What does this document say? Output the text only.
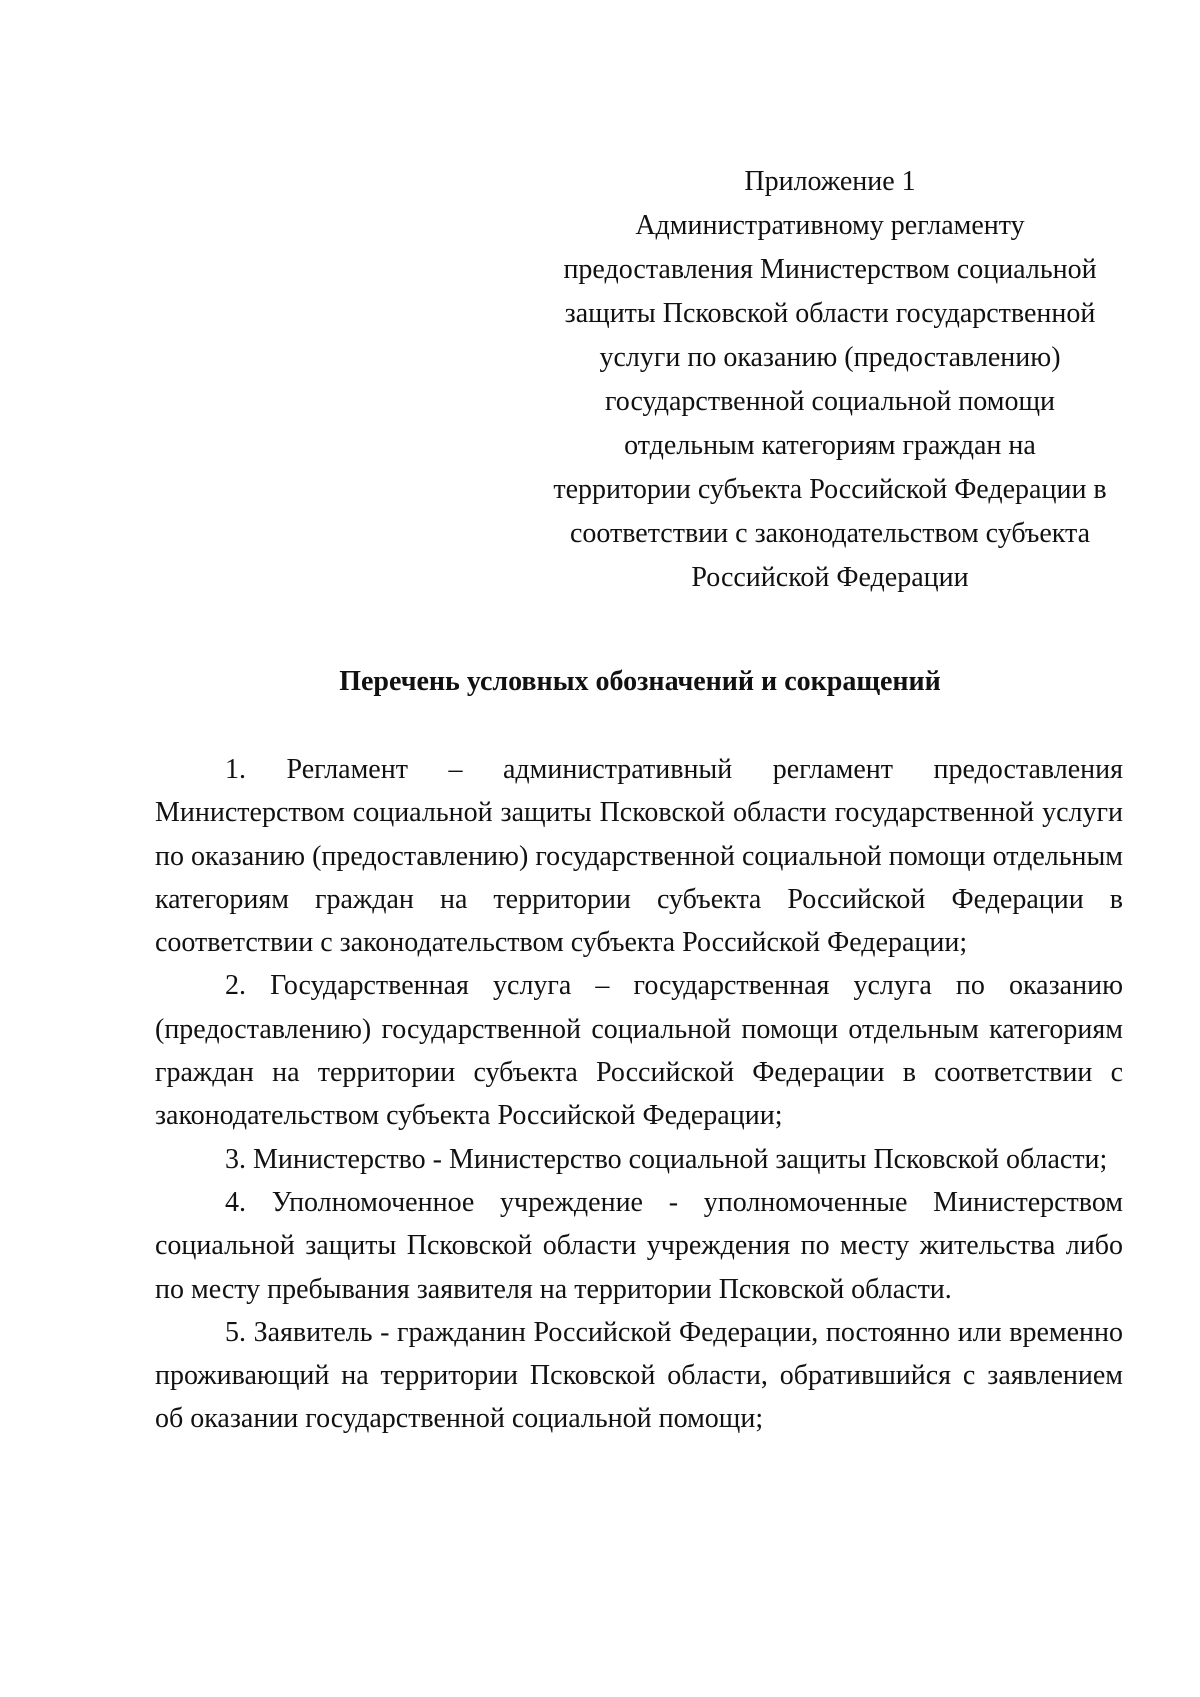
Приложение 1
Административному регламенту
предоставления Министерством социальной
защиты Псковской области государственной
услуги по оказанию (предоставлению)
государственной социальной помощи
отдельным категориям граждан на
территории субъекта Российской Федерации в
соответствии с законодательством субъекта
Российской Федерации
Перечень условных обозначений и сокращений

1. Регламент – административный регламент предоставления Министерством социальной защиты Псковской области государственной услуги по оказанию (предоставлению) государственной социальной помощи отдельным категориям граждан на территории субъекта Российской Федерации в соответствии с законодательством субъекта Российской Федерации;

2. Государственная услуга – государственная услуга по оказанию (предоставлению) государственной социальной помощи отдельным категориям граждан на территории субъекта Российской Федерации в соответствии с законодательством субъекта Российской Федерации;

3. Министерство - Министерство социальной защиты Псковской области;

4. Уполномоченное учреждение - уполномоченные Министерством социальной защиты Псковской области учреждения по месту жительства либо по месту пребывания заявителя на территории Псковской области.

5. Заявитель - гражданин Российской Федерации, постоянно или временно проживающий на территории Псковской области, обратившийся с заявлением об оказании государственной социальной помощи;
